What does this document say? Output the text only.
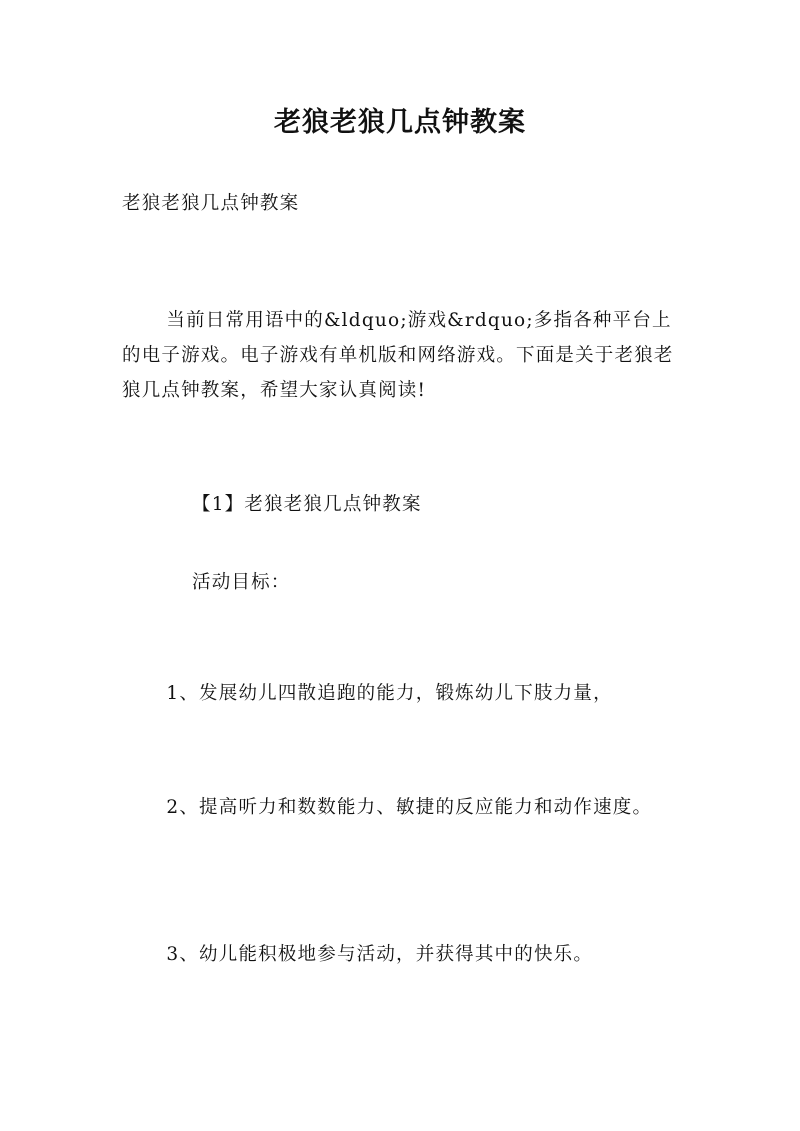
老狼老狼几点钟教案

老狼老狼几点钟教案

当前日常用语中的&ldquo;游戏&rdquo;多指各种平台上的电子游戏。电子游戏有单机版和网络游戏。下面是关于老狼老狼几点钟教案，希望大家认真阅读!

【1】老狼老狼几点钟教案

活动目标：

1、发展幼儿四散追跑的能力，锻炼幼儿下肢力量，

2、提高听力和数数能力、敏捷的反应能力和动作速度。

3、幼儿能积极地参与活动，并获得其中的快乐。
